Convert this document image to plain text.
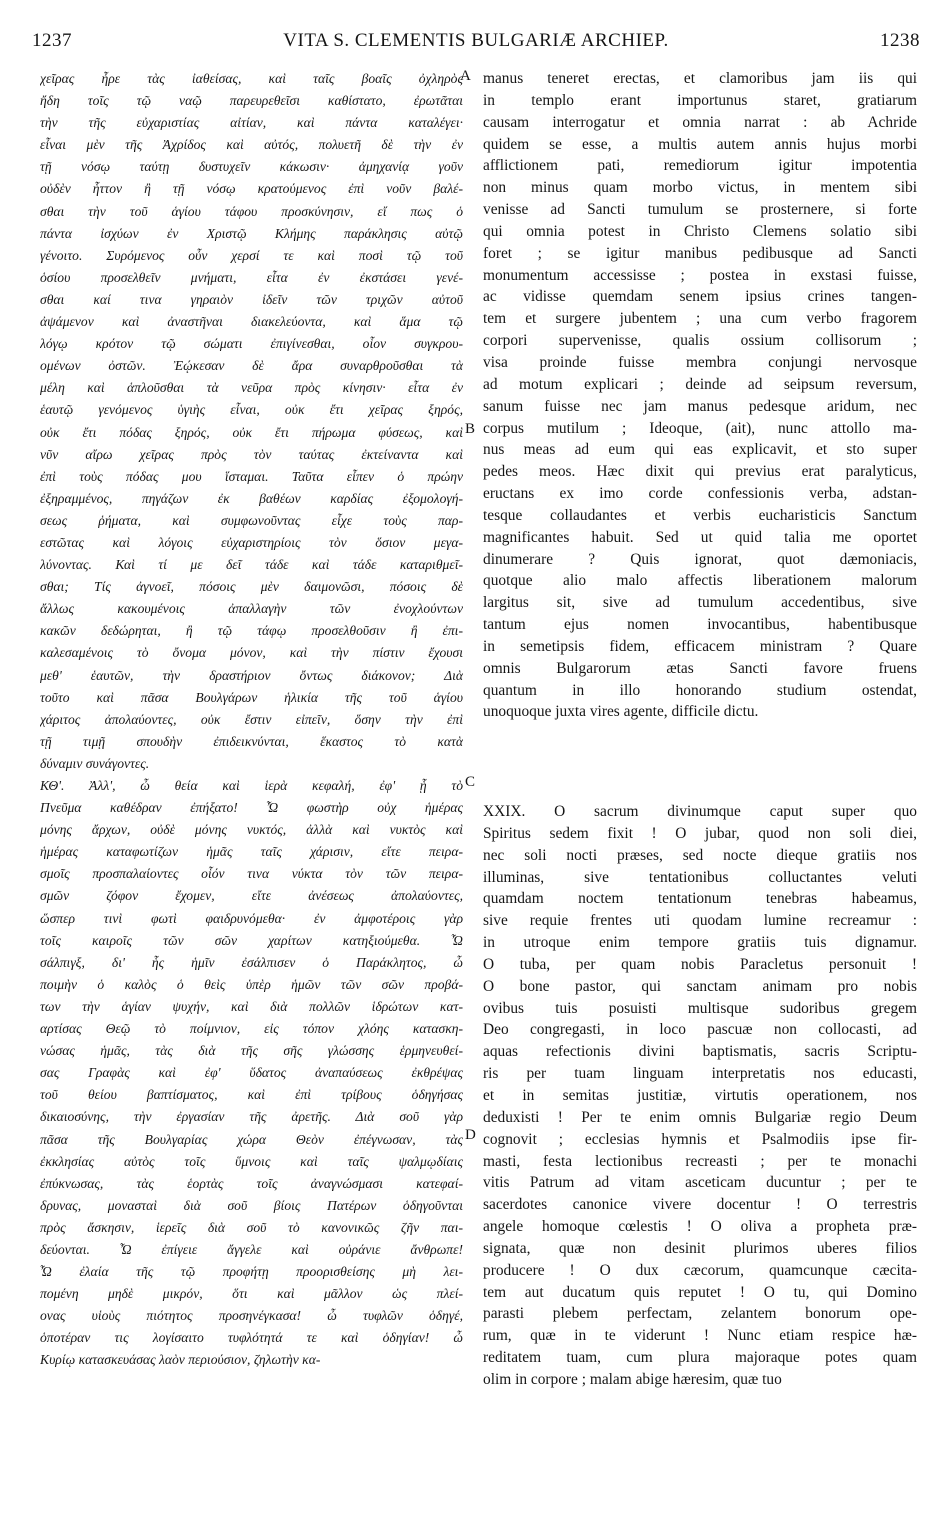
1237	VITA S. CLEMENTIS BULGARIÆ ARCHIEP.	1238
χεῖρας ἦρε τὰς ἰαθείσας, καὶ ταῖς βοαῖς ὀχληρὸς
ἤδη τοῖς τῷ ναῷ παρευρεθεῖσι καθίστατο, ἐρωτᾶται
τὴν τῆς εὐχαριστίας αἰτίαν, καὶ πάντα καταλέγει·
εἶναι μὲν τῆς Ἀχρίδος καὶ αὐτός, πολυετῆ δὲ τὴν ἐν
τῇ νόσῳ ταύτῃ δυστυχεῖν κάκωσιν· ἀμηχανίᾳ γοῦν
οὐδὲν ἧττον ἢ τῇ νόσῳ κρατούμενος ἐπὶ νοῦν βαλέ-
σθαι τὴν τοῦ ἁγίου τάφου προσκύνησιν, εἴ πως ὁ
πάντα ἰσχύων ἐν Χριστῷ Κλήμης παράκλησις αὐτῷ
γένοιτο. Συρόμενος οὖν χερσί τε καὶ ποσὶ τῷ τοῦ
ὁσίου προσελθεῖν μνήματι, εἶτα ἐν ἐκστάσει γενέ-
σθαι καί τινα γηραιὸν ἰδεῖν τῶν τριχῶν αὐτοῦ
ἀψάμενον καὶ ἀναστῆναι διακελεύοντα, καὶ ἅμα τῷ
λόγῳ κρότον τῷ σώματι ἐπιγίνεσθαι, οἷον συγκρου-
ομένων ὀστῶν. Ἐῴκεσαν δὲ ἄρα συναρθροῦσθαι τὰ
μέλη καὶ ἁπλοῦσθαι τὰ νεῦρα πρὸς κίνησιν· εἶτα ἐν
ἑαυτῷ γενόμενος ὑγιὴς εἶναι, οὐκ ἔτι χεῖρας ξηρός,
οὐκ ἔτι πόδας ξηρός, οὐκ ἔτι πήρωμα φύσεως, καὶ
νῦν αἴρω χεῖρας πρὸς τὸν ταύτας ἐκτείναντα καὶ
ἐπὶ τοὺς πόδας μου ἵσταμαι. Ταῦτα εἶπεν ὁ πρώην
ἐξηραμμένος, πηγάζων ἐκ βαθέων καρδίας ἐξομολογή-
σεως ῥήματα, καὶ συμφωνοῦντας εἶχε τοὺς παρ-
εστῶτας καὶ λόγοις εὐχαριστηρίοις τὸν ὅσιον μεγα-
λύνοντας. Καὶ τί με δεῖ τάδε καὶ τάδε καταριθμεῖ-
σθαι; Τίς ἀγνοεῖ, πόσοις μὲν δαιμονῶσι, πόσοις δὲ
ἄλλως κακουμένοις ἀπαλλαγὴν τῶν ἐνοχλούντων
κακῶν δεδώρηται, ἢ τῷ τάφῳ προσελθοῦσιν ἢ ἐπι-
καλεσαμένοις τὸ ὄνομα μόνον, καὶ τὴν πίστιν ἔχουσι
μεθ' ἑαυτῶν, τὴν δραστήριον ὄντως διάκονον; Διὰ
τοῦτο καὶ πᾶσα Βουλγάρων ἡλικία τῆς τοῦ ἁγίου
χάριτος ἀπολαύοντες, οὐκ ἔστιν εἰπεῖν, ὅσην τὴν ἐπὶ
τῇ τιμῇ σπουδὴν ἐπιδεικνύνται, ἕκαστος τὸ κατὰ
δύναμιν συνάγοντες.
ΚΘ'. Ἀλλ', ὦ θεία καὶ ἱερὰ κεφαλή, ἐφ' ᾗ τὸ
Πνεῦμα καθέδραν ἐπήξατο! Ὦ φωστὴρ οὐχ ἡμέρας
μόνης ἄρχων, οὐδὲ μόνης νυκτός, ἀλλὰ καὶ νυκτὸς καὶ
ἡμέρας καταφωτίζων ἡμᾶς ταῖς χάρισιν, εἴτε πειρα-
σμοῖς προσπαλαίοντες οἷόν τινα νύκτα τὸν τῶν πειρα-
σμῶν ζόφον ἔχομεν, εἴτε ἀνέσεως ἀπολαύοντες,
ὥσπερ τινὶ φωτὶ φαιδρυνόμεθα· ἐν ἀμφοτέροις γὰρ
τοῖς καιροῖς τῶν σῶν χαρίτων κατηξιούμεθα. Ὦ
σάλπιγξ, δι' ἧς ἡμῖν ἐσάλπισεν ὁ Παράκλητος, ὦ
ποιμὴν ὁ καλὸς ὁ θεὶς ὑπὲρ ἡμῶν τῶν σῶν προβά-
των τὴν ἁγίαν ψυχήν, καὶ διὰ πολλῶν ἱδρώτων κατ-
αρτίσας Θεῷ τὸ ποίμνιον, εἰς τόπον χλόης κατασκη-
νώσας ἡμᾶς, τὰς διὰ τῆς σῆς γλώσσης ἑρμηνευθεί-
σας Γραφὰς καὶ ἐφ' ὕδατος ἀναπαύσεως ἐκθρέψας
τοῦ θείου βαπτίσματος, καὶ ἐπὶ τρίβους ὁδηγήσας
δικαιοσύνης, τὴν ἐργασίαν τῆς ἀρετῆς. Διὰ σοῦ γὰρ
πᾶσα τῆς Βουλγαρίας χώρα Θεὸν ἐπέγνωσαν, τὰς
ἐκκλησίας αὐτὸς τοῖς ὕμνοις καὶ ταῖς ψαλμῳδίαις
ἐπύκνωσας, τὰς ἑορτὰς τοῖς ἀναγνώσμασι κατεφαί-
δρυνας, μονασταὶ διὰ σοῦ βίοις Πατέρων ὁδηγοῦνται
πρὸς ἄσκησιν, ἱερεῖς διὰ σοῦ τὸ κανονικῶς ζῆν παι-
δεύονται. Ὦ ἐπίγειε ἄγγελε καὶ οὐράνιε ἄνθρωπε!
Ὦ ἐλαία τῆς τῷ προφήτῃ προορισθείσης μὴ λει-
πομένη μηδὲ μικρόν, ὅτι καὶ μᾶλλον ὡς πλεί-
ονας υἱοὺς πιότητος προσηνέγκασα! ὦ τυφλῶν ὁδηγέ,
ὁποτέραν τις λογίσαιτο τυφλότητά τε καὶ ὁδηγίαν! ὦ
Κυρίῳ κατασκευάσας λαὸν περιούσιον, ζηλωτὴν κα-
manus teneret erectas, et clamoribus jam iis qui
in templo erant importunus staret, gratiarum
causam interrogatur et omnia narrat : ab Achride
quidem se esse, a multis autem annis hujus morbi
afflictionem pati, remediorum igitur impotentia
non minus quam morbo victus, in mentem sibi
venisse ad Sancti tumulum se prosternere, si forte
qui omnia potest in Christo Clemens solatio sibi
foret ; se igitur manibus pedibusque ad Sancti
monumentum accessisse ; postea in exstasi fuisse,
ac vidisse quemdam senem ipsius crines tangen-
tem et surgere jubentem ; una cum verbo fragorem
corpori supervenisse, qualis ossium collisorum ;
visa proinde fuisse membra conjungi nervosque
ad motum explicari ; deinde ad seipsum reversum,
sanum fuisse nec jam manus pedesque aridum, nec
corpus mutilum ; Ideoque, (ait), nunc attollo ma-
nus meas ad eum qui eas explicavit, et sto super
pedes meos. Hæc dixit qui previus erat paralyticus,
eructans ex imo corde confessionis verba, adstan-
tesque collaudantes et verbis eucharisticis Sanctum
magnificantes habuit. Sed ut quid talia me oportet
dinumerare ? Quis ignorat, quot dæmoniacis,
quotque alio malo affectis liberationem malorum
largitus sit, sive ad tumulum accedentibus, sive
tantum ejus nomen invocantibus, habentibusque
in semetipsis fidem, efficacem ministram ? Quare
omnis Bulgarorum ætas Sancti favore fruens
quantum in illo honorando studium ostendat,
unoquoque juxta vires agente, difficile dictu.
XXIX. O sacrum divinumque caput super quo
Spiritus sedem fixit ! O jubar, quod non soli diei,
nec soli nocti præses, sed nocte dieque gratiis nos
illuminas, sive tentationibus colluctantes veluti
quamdam noctem tentationum tenebras habeamus,
sive requie frentes uti quodam lumine recreamur :
in utroque enim tempore gratiis tuis dignamur.
O tuba, per quam nobis Paracletus personuit !
O bone pastor, qui sanctam animam pro nobis
ovibus tuis posuisti multisque sudoribus gregem
Deo congregasti, in loco pascuæ non collocasti, ad
aquas refectionis divini baptismatis, sacris Scriptu-
ris per tuam linguam interpretatis nos educasti,
et in semitas justitiæ, virtutis operationem, nos
deduxisti ! Per te enim omnis Bulgariæ regio Deum
cognovit ; ecclesias hymnis et Psalmodiis ipse fir-
masti, festa lectionibus recreasti ; per te monachi
vitis Patrum ad vitam asceticam ducuntur ; per te
sacerdotes canonice vivere docentur ! O terrestris
angele homoque cœlestis ! O oliva a propheta præ-
signata, quæ non desinit plurimos uberes filios
producere ! O dux cæcorum, quamcunque cæcita-
tem aut ducatum quis reputet ! O tu, qui Domino
parasti plebem perfectam, zelantem bonorum ope-
rum, quæ in te viderunt ! Nunc etiam respice hæ-
reditatem tuam, cum plura majoraque potes quam
olim in corpore ; malam abige hæresim, quæ tuo
A
B
C
D
